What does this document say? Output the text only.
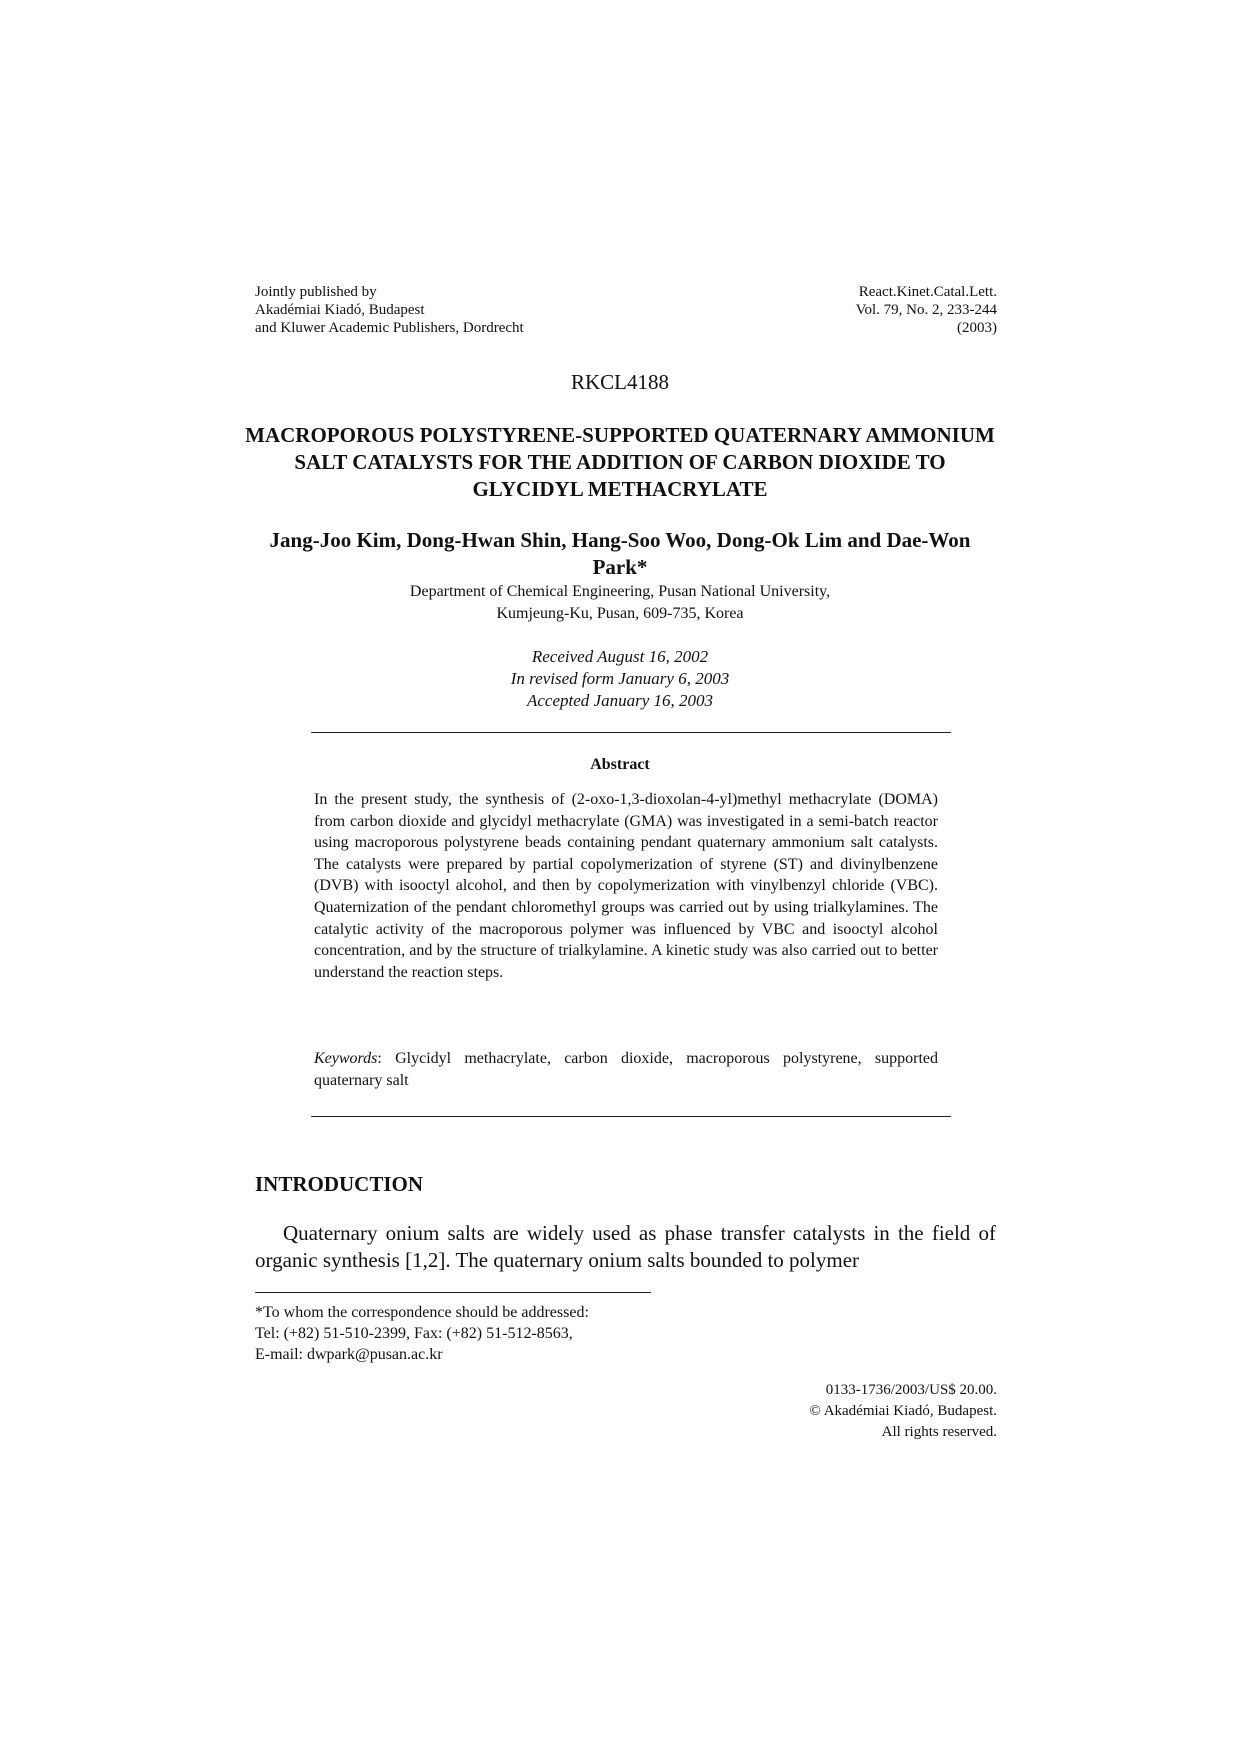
Jointly published by
Akadémiai Kiadó, Budapest
and Kluwer Academic Publishers, Dordrecht
React.Kinet.Catal.Lett.
Vol. 79, No. 2, 233-244
(2003)
RKCL4188
MACROPOROUS POLYSTYRENE-SUPPORTED QUATERNARY AMMONIUM SALT CATALYSTS FOR THE ADDITION OF CARBON DIOXIDE TO GLYCIDYL METHACRYLATE
Jang-Joo Kim, Dong-Hwan Shin, Hang-Soo Woo, Dong-Ok Lim and Dae-Won Park*
Department of Chemical Engineering, Pusan National University,
Kumjeung-Ku, Pusan, 609-735, Korea
Received August 16, 2002
In revised form January 6, 2003
Accepted January 16, 2003
Abstract
In the present study, the synthesis of (2-oxo-1,3-dioxolan-4-yl)methyl methacrylate (DOMA) from carbon dioxide and glycidyl methacrylate (GMA) was investigated in a semi-batch reactor using macroporous polystyrene beads containing pendant quaternary ammonium salt catalysts. The catalysts were prepared by partial copolymerization of styrene (ST) and divinylbenzene (DVB) with isooctyl alcohol, and then by copolymerization with vinylbenzyl chloride (VBC). Quaternization of the pendant chloromethyl groups was carried out by using trialkylamines. The catalytic activity of the macroporous polymer was influenced by VBC and isooctyl alcohol concentration, and by the structure of trialkylamine. A kinetic study was also carried out to better understand the reaction steps.
Keywords: Glycidyl methacrylate, carbon dioxide, macroporous polystyrene, supported quaternary salt
INTRODUCTION
Quaternary onium salts are widely used as phase transfer catalysts in the field of organic synthesis [1,2]. The quaternary onium salts bounded to polymer
*To whom the correspondence should be addressed:
Tel: (+82) 51-510-2399, Fax: (+82) 51-512-8563,
E-mail: dwpark@pusan.ac.kr
0133-1736/2003/US$ 20.00.
© Akadémiai Kiadó, Budapest.
All rights reserved.
